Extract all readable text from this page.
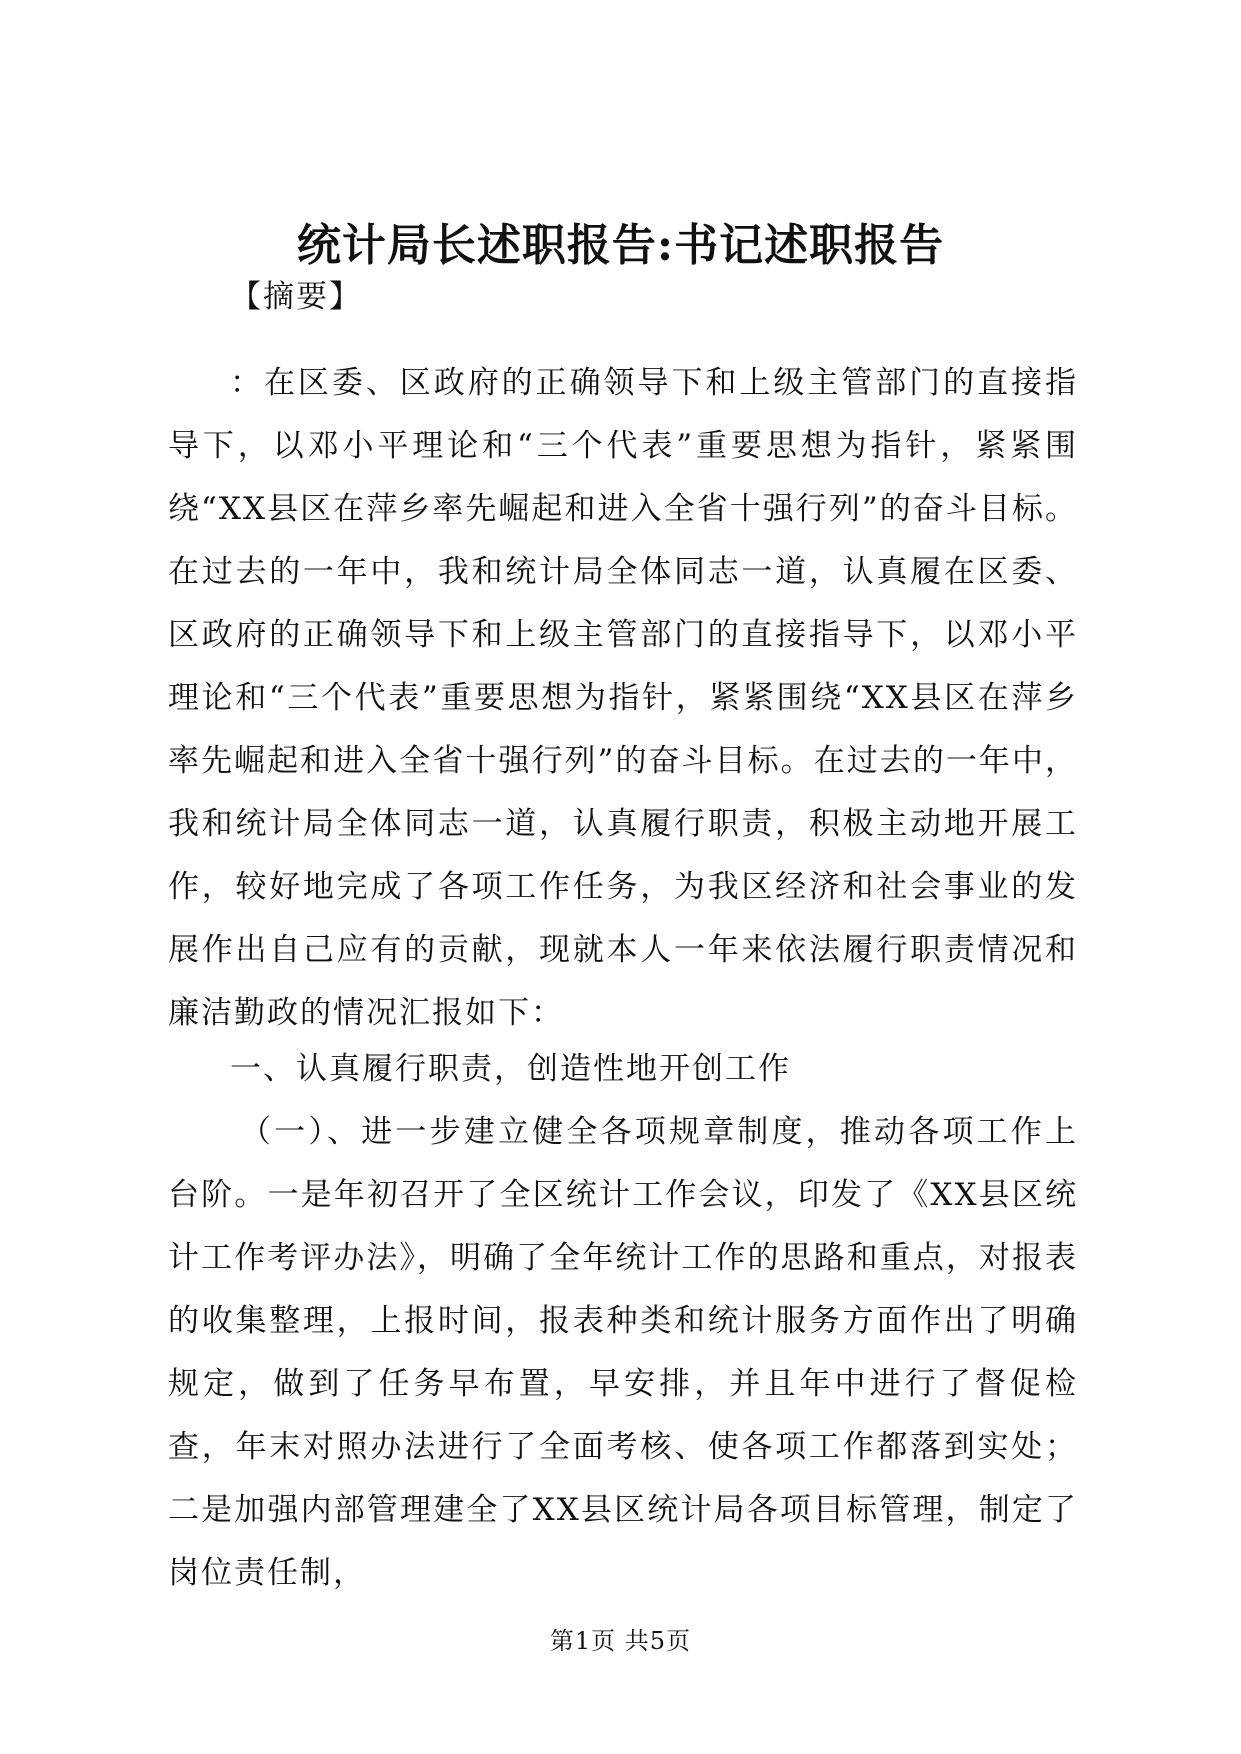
统计局长述职报告:书记述职报告

【摘要】

：在区委、区政府的正确领导下和上级主管部门的直接指导下，以邓小平理论和“三个代表”重要思想为指针，紧紧围绕“XX县区在萍乡率先崛起和进入全省十强行列”的奋斗目标。在过去的一年中，我和统计局全体同志一道，认真履在区委、区政府的正确领导下和上级主管部门的直接指导下，以邓小平理论和“三个代表”重要思想为指针，紧紧围绕“XX县区在萍乡率先崛起和进入全省十强行列”的奋斗目标。在过去的一年中，我和统计局全体同志一道，认真履行职责，积极主动地开展工作，较好地完成了各项工作任务，为我区经济和社会事业的发展作出自己应有的贡献，现就本人一年来依法履行职责情况和廉洁勤政的情况汇报如下：

一、认真履行职责，创造性地开创工作

（一）、进一步建立健全各项规章制度，推动各项工作上台阶。一是年初召开了全区统计工作会议，印发了《XX县区统计工作考评办法》，明确了全年统计工作的思路和重点，对报表的收集整理，上报时间，报表种类和统计服务方面作出了明确规定，做到了任务早布置，早安排，并且年中进行了督促检查，年末对照办法进行了全面考核、使各项工作都落到实处；二是加强内部管理建全了XX县区统计局各项目标管理，制定了岗位责任制，

第1页 共5页
